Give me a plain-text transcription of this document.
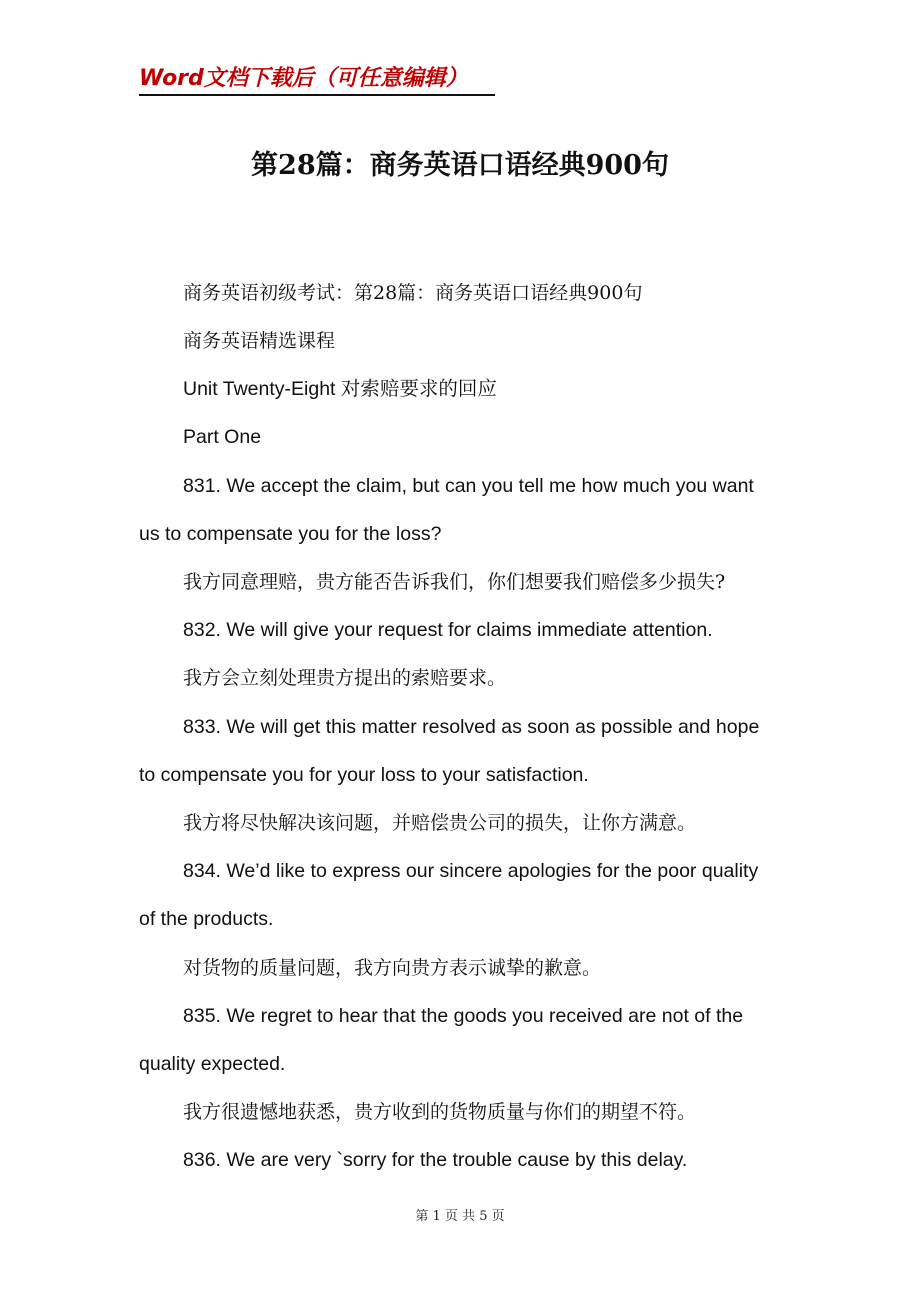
Word文档下载后（可任意编辑）
第28篇：商务英语口语经典900句
商务英语初级考试：第28篇：商务英语口语经典900句
商务英语精选课程
Unit Twenty-Eight 对索赔要求的回应
Part One
831. We accept the claim, but can you tell me how much you want
us to compensate you for the loss?
我方同意理赔，贵方能否告诉我们，你们想要我们赔偿多少损失?
832. We will give your request for claims immediate attention.
我方会立刻处理贵方提出的索赔要求。
833. We will get this matter resolved as soon as possible and hope
to compensate you for your loss to your satisfaction.
我方将尽快解决该问题，并赔偿贵公司的损失，让你方满意。
834. We’d like to express our sincere apologies for the poor quality
of the products.
对货物的质量问题，我方向贵方表示诚挚的歉意。
835. We regret to hear that the goods you received are not of the
quality expected.
我方很遗憾地获悉，贵方收到的货物质量与你们的期望不符。
836. We are very `sorry for the trouble cause by this delay.
第 1 页 共 5 页
